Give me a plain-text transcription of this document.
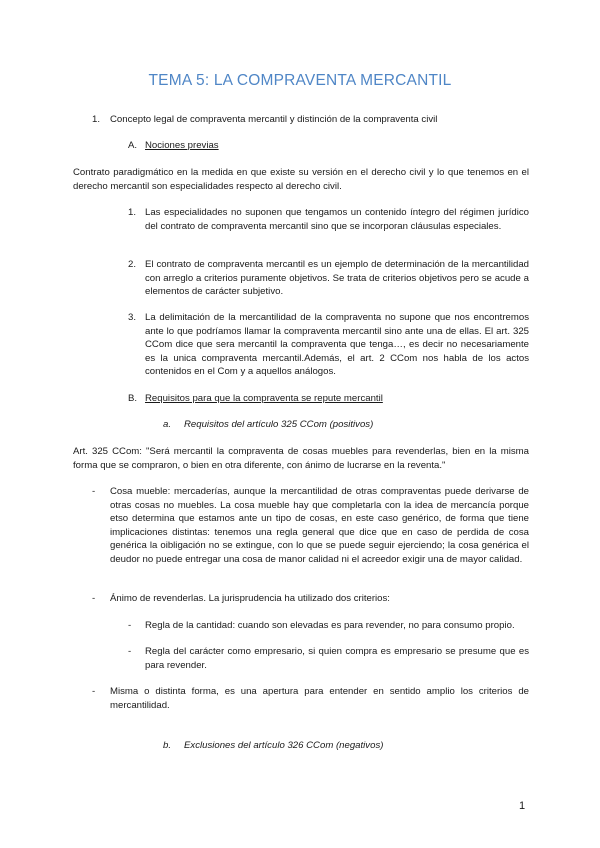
TEMA 5: LA COMPRAVENTA MERCANTIL
1. Concepto legal de compraventa mercantil y distinción de la compraventa civil

A. Nociones previas

Contrato paradigmático en la medida en que existe su versión en el derecho civil y lo que tenemos en el derecho mercantil son especialidades respecto al derecho civil.

1. Las especialidades no suponen que tengamos un contenido íntegro del régimen jurídico del contrato de compraventa mercantil sino que se incorporan cláusulas especiales.

2. El contrato de compraventa mercantil es un ejemplo de determinación de la mercantilidad con arreglo a criterios puramente objetivos. Se trata de criterios objetivos pero se acude a elementos de carácter subjetivo.

3. La delimitación de la mercantilidad de la compraventa no supone que nos encontremos ante lo que podríamos llamar la compraventa mercantil sino ante una de ellas. El art. 325 CCom dice que sera mercantil la compraventa que tenga…, es decir no necesariamente es la unica compraventa mercantil.Además, el art. 2 CCom nos habla de los actos contenidos en el Com y a aquellos análogos.

B. Requisitos para que la compraventa se repute mercantil

a. Requisitos del artículo 325 CCom (positivos)

Art. 325 CCom: "Será mercantil la compraventa de cosas muebles para revenderlas, bien en la misma forma que se compraron, o bien en otra diferente, con ánimo de lucrarse en la reventa."

- Cosa mueble: mercaderías, aunque la mercantilidad de otras compraventas puede derivarse de otras cosas no muebles. La cosa mueble hay que completarla con la idea de mercancía porque etso determina que estamos ante un tipo de cosas, en este caso genérico, de forma que tiene implicaciones distintas: tenemos una regla general que dice que en caso de perdida de cosa genérica la oibligación no se extingue, con lo que se puede seguir ejerciendo; la cosa genérica el deudor no puede entregar una cosa de manor calidad ni el acreedor exigir una de mayor calidad.

- Ánimo de revenderlas. La jurisprudencia ha utilizado dos criterios:

- Regla de la cantidad: cuando son elevadas es para revender, no para consumo propio.

- Regla del carácter como empresario, si quien compra es empresario se presume que es para revender.

- Misma o distinta forma, es una apertura para entender en sentido amplio los criterios de mercantilidad.

b. Exclusiones del artículo 326 CCom (negativos)

1
